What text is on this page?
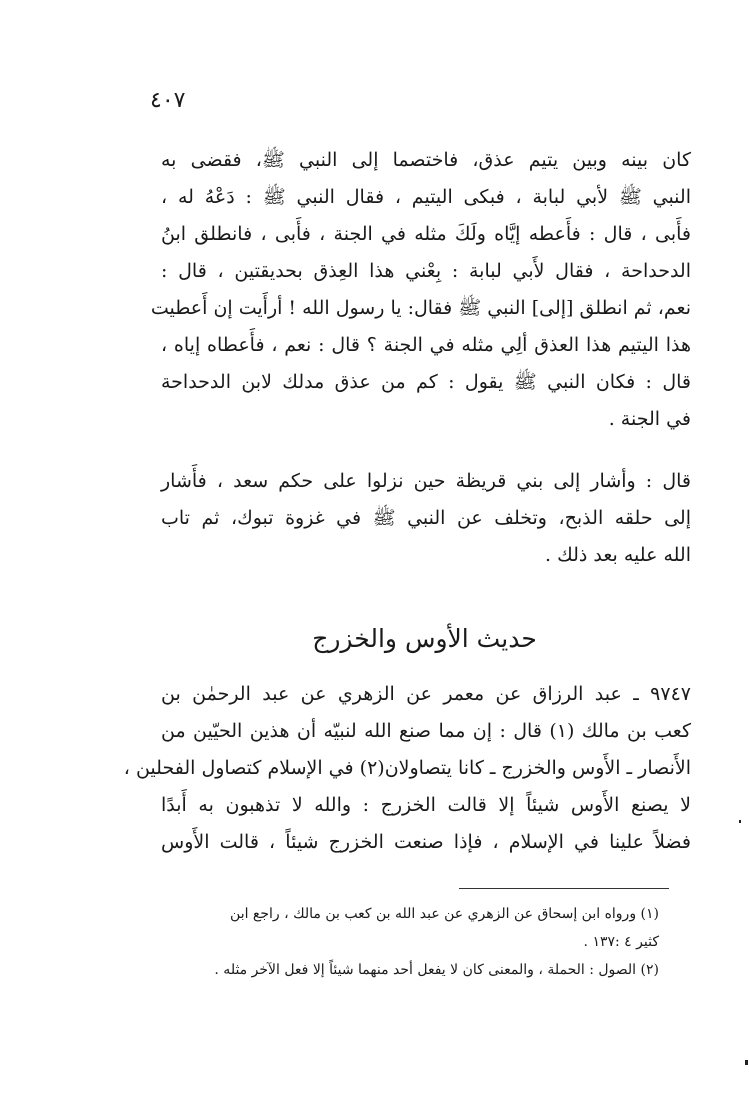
٤٠٧
كان بينه وبين يتيم عذق، فاختصما إلى النبي ﷺ، فقضى به
النبي ﷺ لأبي لبابة ، فبكى اليتيم ، فقال النبي ﷺ : دَعْهُ له ،
فأَبى ، قال : فأَعطه إيَّاه ولَكَ مثله في الجنة ، فأَبى ، فانطلق ابنُ
الدحداحة ، فقال لأَبي لبابة : بِعْني هذا العِذق بحديقتين ، قال :
نعم، ثم انطلق [إلى] النبي ﷺ فقال: يا رسول الله ! أرأَيت إن أَعطيت
هذا اليتيم هذا العذق ألِي مثله في الجنة ؟ قال : نعم ، فأَعطاه إياه ،
قال : فكان النبي ﷺ يقول : كم من عذق مدلك لابن الدحداحة
في الجنة .
قال : وأشار إلى بني قريظة حين نزلوا على حكم سعد ، فأَشار
إلى حلقه الذبح، وتخلف عن النبي ﷺ في غزوة تبوك، ثم تاب
الله عليه بعد ذلك .
حديث الأوس والخزرج
٩٧٤٧ ـ عبد الرزاق عن معمر عن الزهري عن عبد الرحمٰن بن
كعب بن مالك (١) قال : إن مما صنع الله لنبيّه أن هذين الحيّين من
الأَنصار ـ الأَوس والخزرج ـ كانا يتصاولان(٢) في الإسلام كتصاول الفحلين ،
لا يصنع الأَوس شيئاً إلا قالت الخزرج : والله لا تذهبون به أَبدًا
فضلاً علينا في الإسلام ، فإذا صنعت الخزرج شيئاً ، قالت الأَوس
(١) ورواه ابن إسحاق عن الزهري عن عبد الله بن كعب بن مالك ، راجع ابن
كثير ٤ :١٣٧ .
(٢) الصول : الحملة ، والمعنى كان لا يفعل أحد منهما شيئاً إلا فعل الآخر مثله .
